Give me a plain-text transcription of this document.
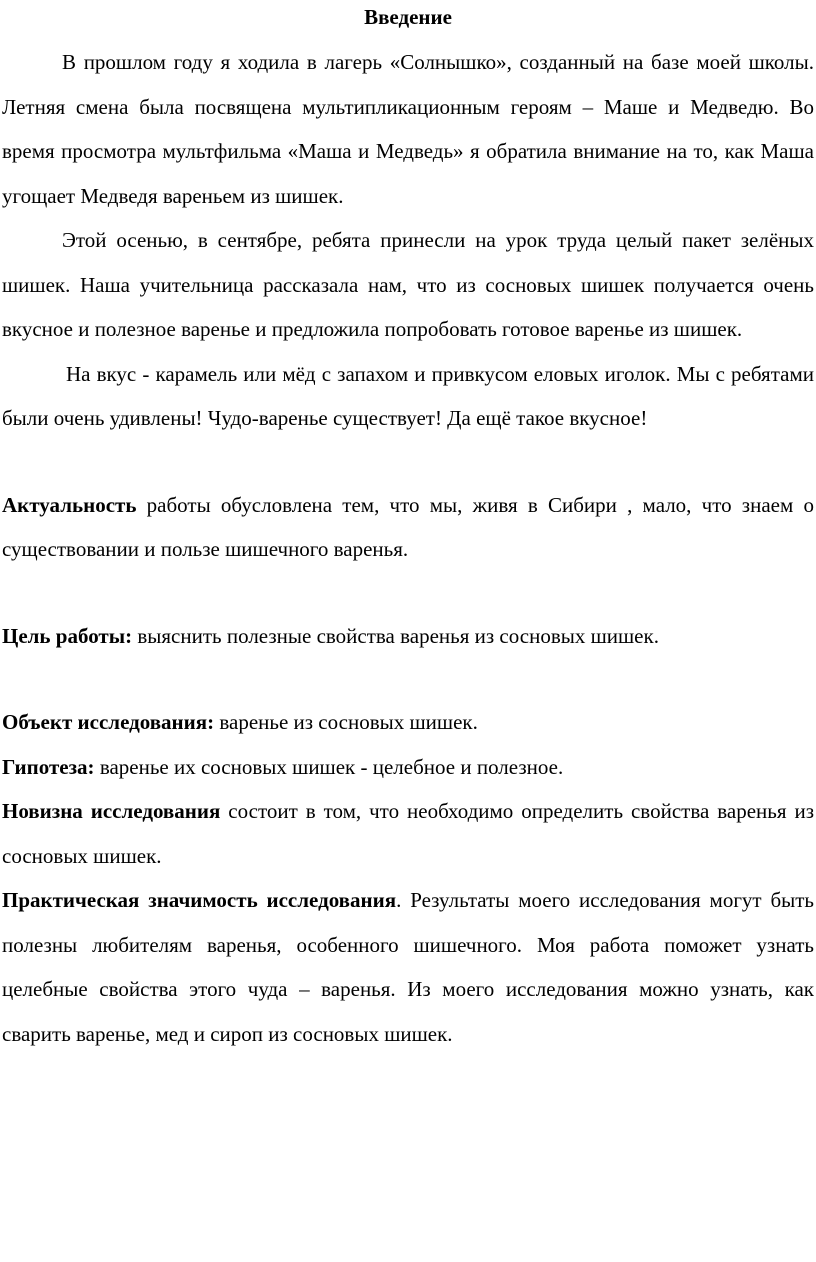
Введение

В прошлом году я ходила в лагерь «Солнышко», созданный на базе моей школы. Летняя смена была посвящена мультипликационным героям – Маше и Медведю. Во время просмотра мультфильма «Маша и Медведь» я обратила внимание на то, как Маша угощает Медведя вареньем из шишек.

Этой осенью, в сентябре, ребята принесли на урок труда целый пакет зелёных шишек. Наша учительница рассказала нам, что из сосновых шишек получается очень вкусное и полезное варенье и предложила попробовать готовое варенье из шишек.

На вкус - карамель или мёд с запахом и привкусом еловых иголок. Мы с ребятами были очень удивлены! Чудо-варенье существует! Да ещё такое вкусное!

Актуальность работы обусловлена тем, что мы, живя в Сибири , мало, что знаем о существовании и пользе шишечного варенья.

Цель работы: выяснить полезные свойства варенья из сосновых шишек.

Объект исследования: варенье из сосновых шишек.

Гипотеза: варенье их сосновых шишек - целебное и полезное.

Новизна исследования состоит в том, что необходимо определить свойства варенья из сосновых шишек.

Практическая значимость исследования. Результаты моего исследования могут быть полезны любителям варенья, особенного шишечного. Моя работа поможет узнать целебные свойства этого чуда – варенья. Из моего исследования можно узнать, как сварить варенье, мед и сироп из сосновых шишек.
